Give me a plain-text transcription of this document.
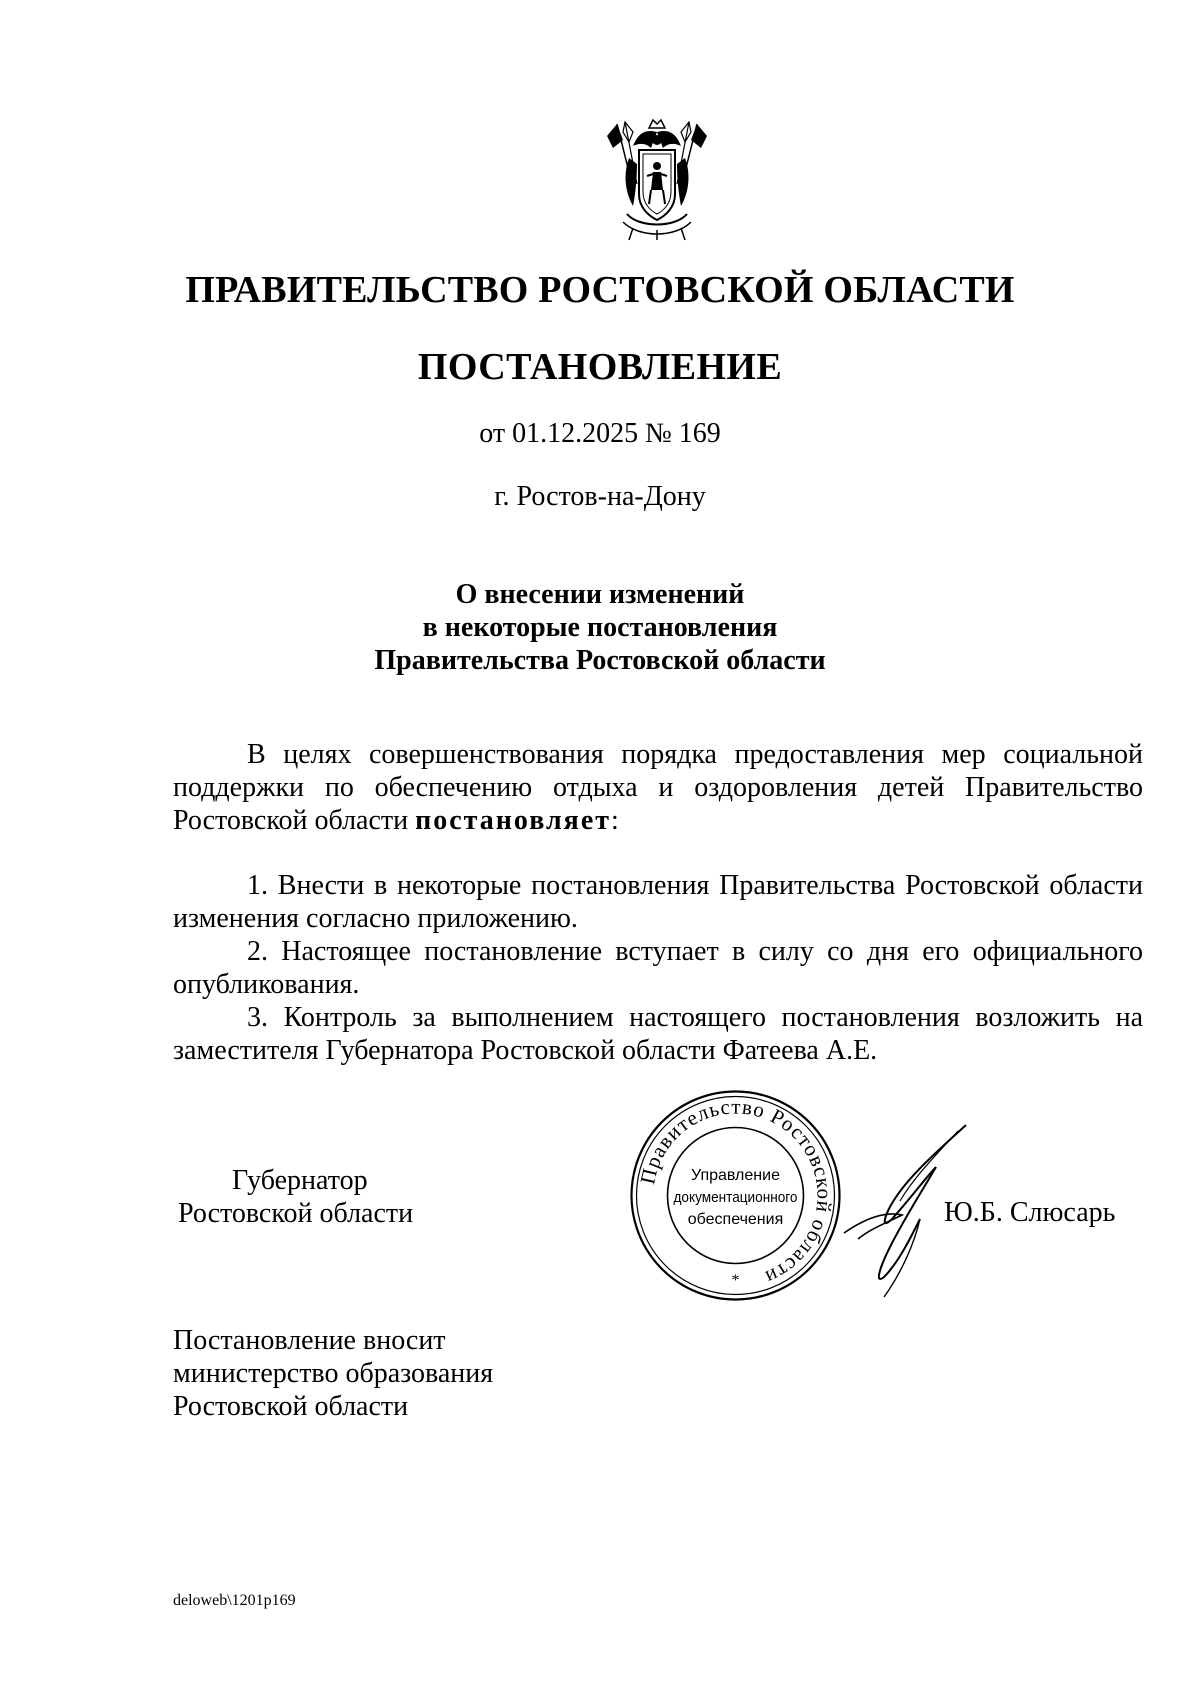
ПРАВИТЕЛЬСТВО РОСТОВСКОЙ ОБЛАСТИ
ПОСТАНОВЛЕНИЕ
от 01.12.2025 № 169
г. Ростов-на-Дону
О внесении изменений
в некоторые постановления
Правительства Ростовской области
В целях совершенствования порядка предоставления мер социальной поддержки по обеспечению отдыха и оздоровления детей Правительство Ростовской области постановляет:
1. Внести в некоторые постановления Правительства Ростовской области изменения согласно приложению.
2. Настоящее постановление вступает в силу со дня его официального опубликования.
3. Контроль за выполнением настоящего постановления возложить на заместителя Губернатора Ростовской области Фатеева А.Е.
Губернатор
Ростовской области
Правительство Ростовской области
Управление
документационного
обеспечения
*
Ю.Б. Слюсарь
Постановление вносит
министерство образования
Ростовской области
deloweb\1201p169
